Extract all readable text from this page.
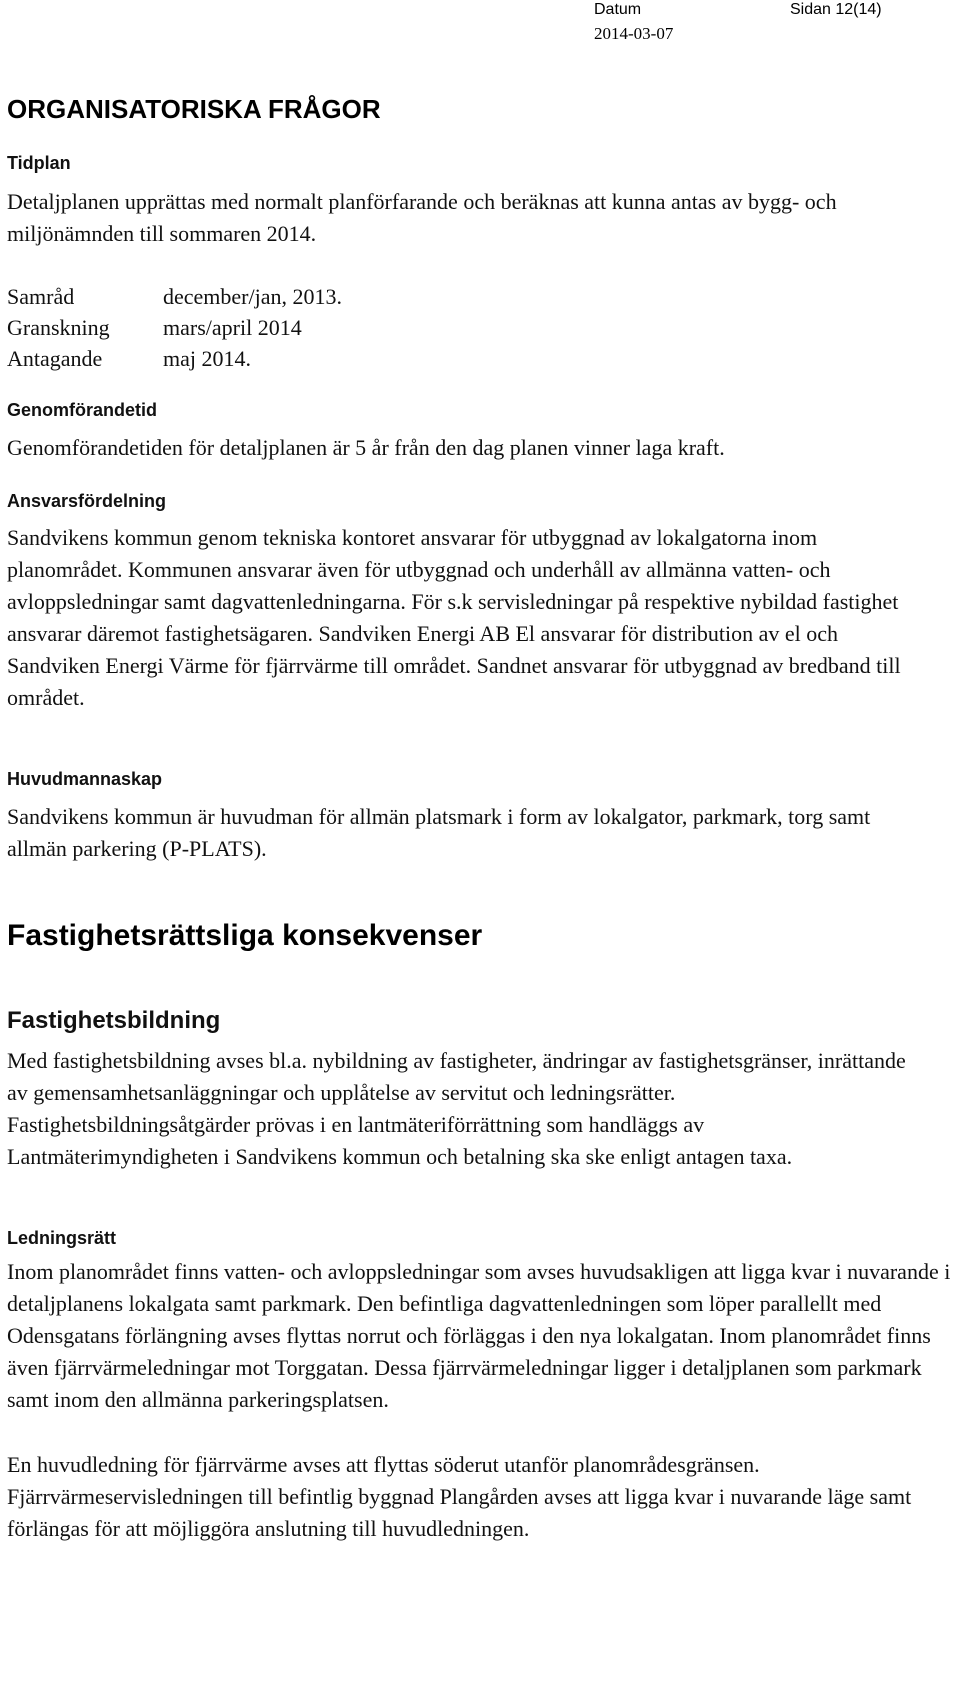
Datum
2014-03-07
Sidan 12(14)
ORGANISATORISKA FRÅGOR
Tidplan

Detaljplanen upprättas med normalt planförfarande och beräknas att kunna antas av bygg- och miljönämnden till sommaren 2014.

Samråd	december/jan, 2013.
Granskning mars/april 2014
Antagande	maj 2014.
Genomförandetid

Genomförandetiden för detaljplanen är 5 år från den dag planen vinner laga kraft.

Ansvarsfördelning

Sandvikens kommun genom tekniska kontoret ansvarar för utbyggnad av lokalgatorna inom planområdet. Kommunen ansvarar även för utbyggnad och underhåll av allmänna vatten- och avloppsledningar samt dagvattenledningarna. För s.k servisledningar på respektive nybildad fastighet ansvarar däremot fastighetsägaren. Sandviken Energi AB El ansvarar för distribution av el och Sandviken Energi Värme för fjärrvärme till området. Sandnet ansvarar för utbyggnad av bredband till området.

Huvudmannaskap

Sandvikens kommun är huvudman för allmän platsmark i form av lokalgator, parkmark, torg samt allmän parkering (P-PLATS).

Fastighetsrättsliga konsekvenser
Fastighetsbildning

Med fastighetsbildning avses bl.a. nybildning av fastigheter, ändringar av fastighetsgränser, inrättande av gemensamhetsanläggningar och upplåtelse av servitut och ledningsrätter. Fastighetsbildningsåtgärder prövas i en lantmäteriförrättning som handläggs av Lantmäterimyndigheten i Sandvikens kommun och betalning ska ske enligt antagen taxa.

Ledningsrätt

Inom planområdet finns vatten- och avloppsledningar som avses huvudsakligen att ligga kvar i nuvarande i detaljplanens lokalgata samt parkmark. Den befintliga dagvattenledningen som löper parallellt med Odensgatans förlängning avses flyttas norrut och förläggas i den nya lokalgatan. Inom planområdet finns även fjärrvärmeledningar mot Torggatan. Dessa fjärrvärmeledningar ligger i detaljplanen som parkmark samt inom den allmänna parkeringsplatsen.

En huvudledning för fjärrvärme avses att flyttas söderut utanför planområdesgränsen. Fjärrvärmeservisledningen till befintlig byggnad Plangården avses att ligga kvar i nuvarande läge samt förlängas för att möjliggöra anslutning till huvudledningen.
